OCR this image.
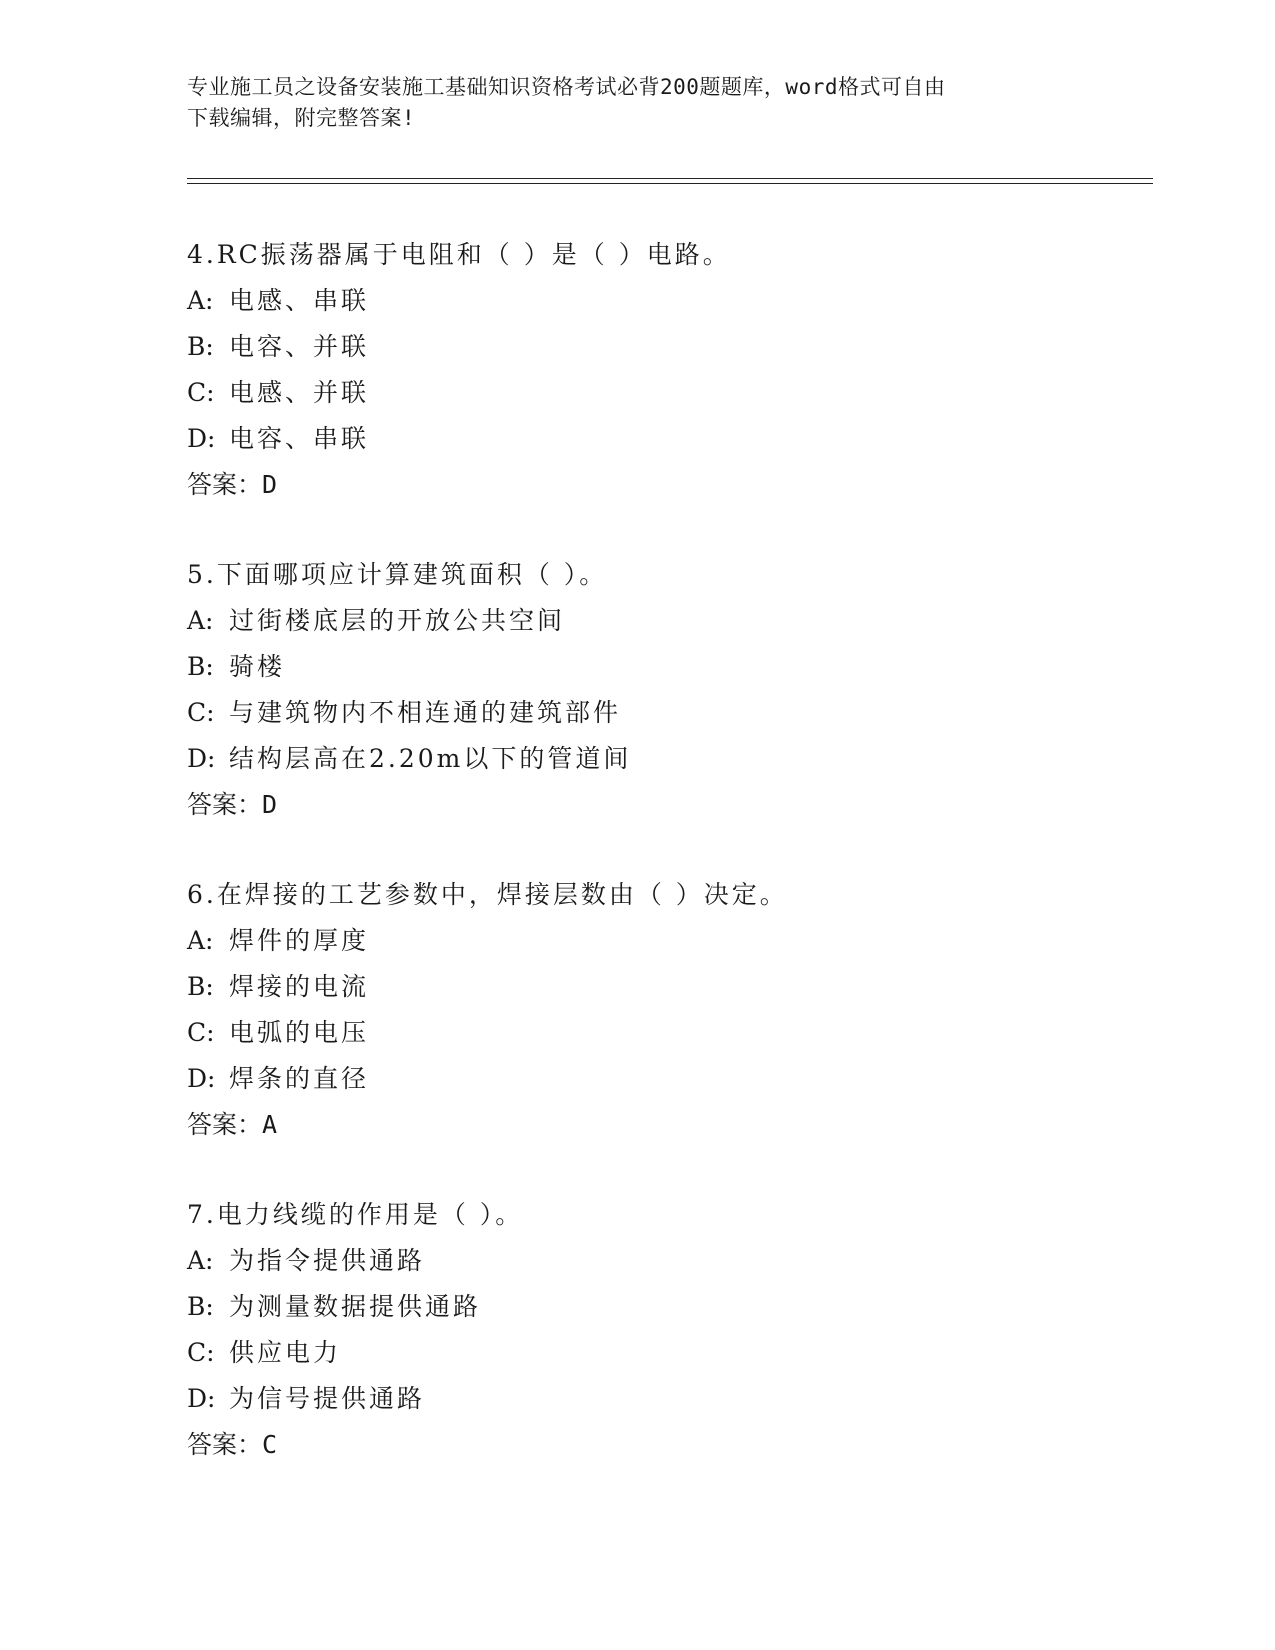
专业施工员之设备安装施工基础知识资格考试必背200题题库，word格式可自由
下载编辑，附完整答案!
4.RC振荡器属于电阻和（ ）是（ ）电路。
A: 电感、串联
B: 电容、并联
C: 电感、并联
D: 电容、串联
答案：D
5.下面哪项应计算建筑面积（ ）。
A: 过街楼底层的开放公共空间
B: 骑楼
C: 与建筑物内不相连通的建筑部件
D: 结构层高在2.20m以下的管道间
答案：D
6.在焊接的工艺参数中，焊接层数由（ ）决定。
A: 焊件的厚度
B: 焊接的电流
C: 电弧的电压
D: 焊条的直径
答案：A
7.电力线缆的作用是（ ）。
A: 为指令提供通路
B: 为测量数据提供通路
C: 供应电力
D: 为信号提供通路
答案：C
